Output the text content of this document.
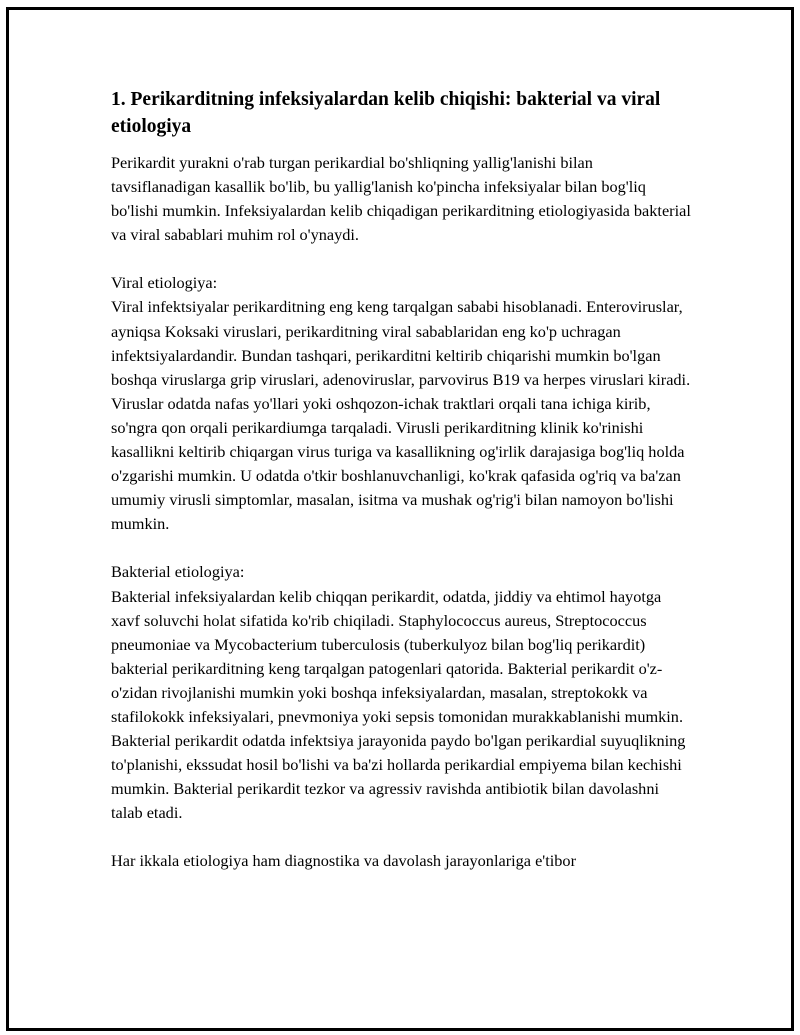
1. Perikarditning infeksiyalardan kelib chiqishi: bakterial va viral etiologiya

Perikardit yurakni o'rab turgan perikardial bo'shliqning yallig'lanishi bilan tavsiflanadigan kasallik bo'lib, bu yallig'lanish ko'pincha infeksiyalar bilan bog'liq bo'lishi mumkin. Infeksiyalardan kelib chiqadigan perikarditning etiologiyasida bakterial va viral sabablari muhim rol o'ynaydi.

Viral etiologiya:
Viral infektsiyalar perikarditning eng keng tarqalgan sababi hisoblanadi. Enteroviruslar, ayniqsa Koksaki viruslari, perikarditning viral sabablaridan eng ko'p uchragan infektsiyalardandir. Bundan tashqari, perikarditni keltirib chiqarishi mumkin bo'lgan boshqa viruslarga grip viruslari, adenoviruslar, parvovirus B19 va herpes viruslari kiradi. Viruslar odatda nafas yo'llari yoki oshqozon-ichak traktlari orqali tana ichiga kirib, so'ngra qon orqali perikardiumga tarqaladi. Virusli perikarditning klinik ko'rinishi kasallikni keltirib chiqargan virus turiga va kasallikning og'irlik darajasiga bog'liq holda o'zgarishi mumkin. U odatda o'tkir boshlanuvchanligi, ko'krak qafasida og'riq va ba'zan umumiy virusli simptomlar, masalan, isitma va mushak og'rig'i bilan namoyon bo'lishi mumkin.

Bakterial etiologiya:
Bakterial infeksiyalardan kelib chiqqan perikardit, odatda, jiddiy va ehtimol hayotga xavf soluvchi holat sifatida ko'rib chiqiladi. Staphylococcus aureus, Streptococcus pneumoniae va Mycobacterium tuberculosis (tuberkulyoz bilan bog'liq perikardit) bakterial perikarditning keng tarqalgan patogenlari qatorida. Bakterial perikardit o'z-o'zidan rivojlanishi mumkin yoki boshqa infeksiyalardan, masalan, streptokokk va stafilokokk infeksiyalari, pnevmoniya yoki sepsis tomonidan murakkablanishi mumkin. Bakterial perikardit odatda infektsiya jarayonida paydo bo'lgan perikardial suyuqlikning to'planishi, ekssudat hosil bo'lishi va ba'zi hollarda perikardial empiyema bilan kechishi mumkin. Bakterial perikardit tezkor va agressiv ravishda antibiotik bilan davolashni talab etadi.

Har ikkala etiologiya ham diagnostika va davolash jarayonlariga e'tibor
